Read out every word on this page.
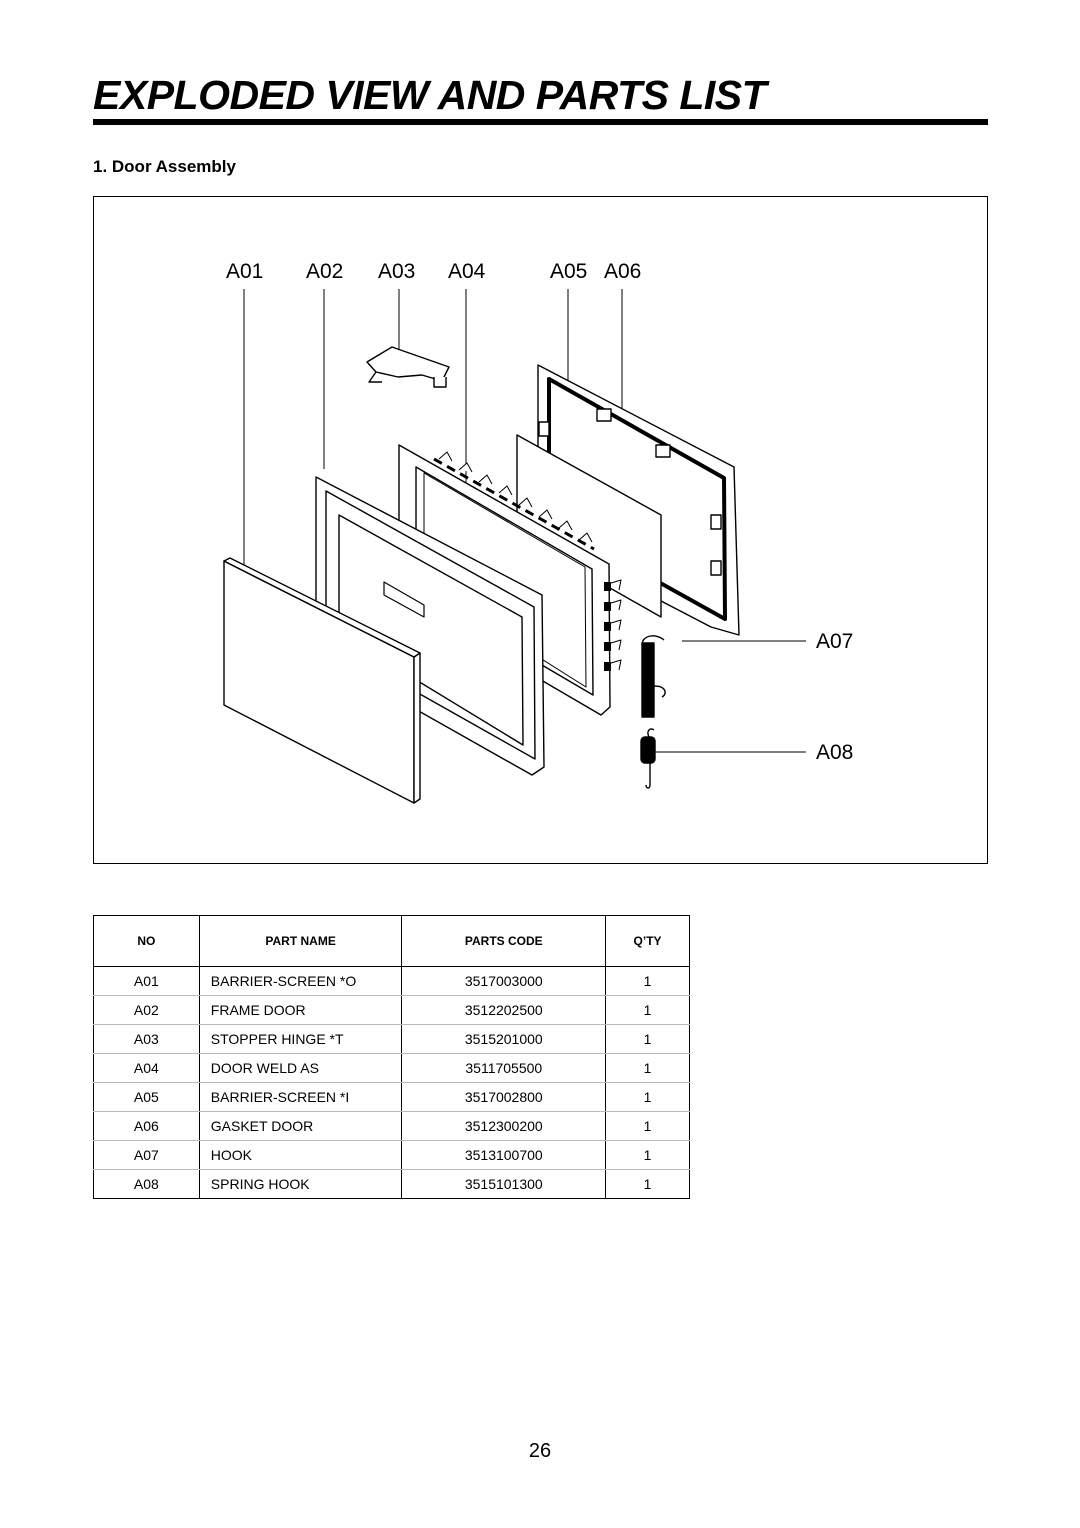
EXPLODED VIEW AND PARTS LIST
1. Door Assembly
A01 A02 A03 A04	A05 A06
A07
A08
NO	PART NAME	PARTS CODE	Q’TY
A01	BARRIER-SCREEN *O	3517003000	1
A02	FRAME DOOR	3512202500	1
A03	STOPPER HINGE *T	3515201000	1
A04	DOOR WELD AS	3511705500	1
A05	BARRIER-SCREEN *I	3517002800	1
A06	GASKET DOOR	3512300200	1
A07	HOOK	3513100700	1
A08	SPRING HOOK	3515101300	1
26
